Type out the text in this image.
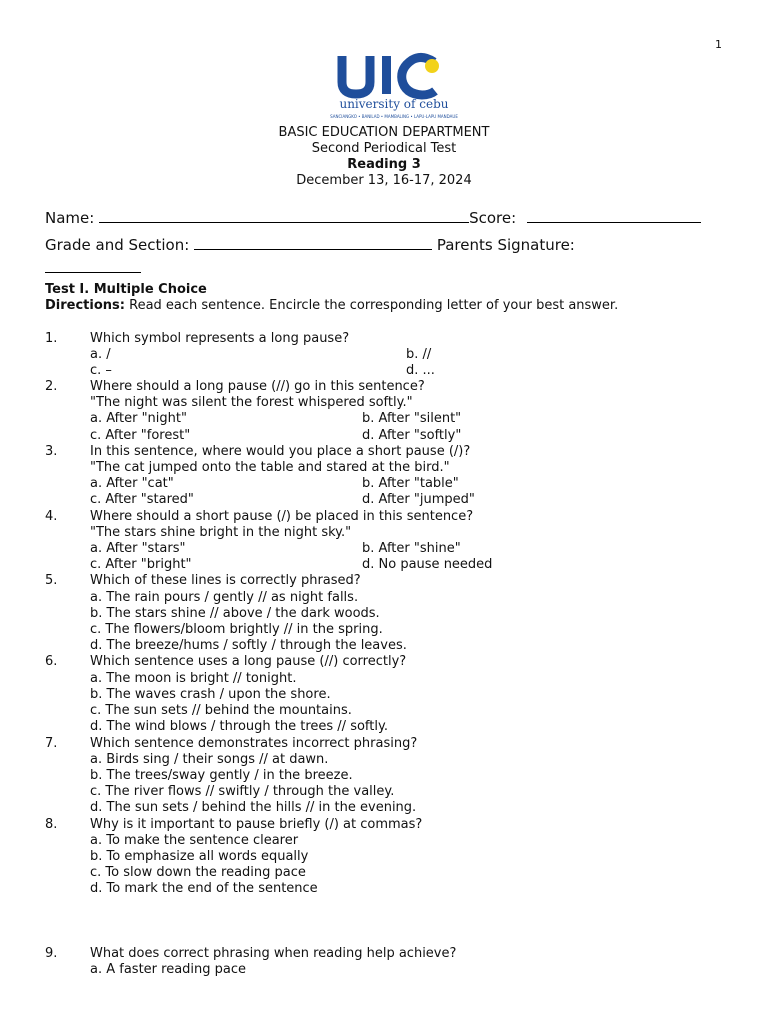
1
university of cebu
SANCIANGKO • BANILAD • MAMBALING • LAPU-LAPU MANDAUE
BASIC EDUCATION DEPARTMENT
Second Periodical Test
Reading 3
December 13, 16-17, 2024
Name:	Score:
Grade and Section:	Parents Signature:
Test I. Multiple Choice
Directions: Read each sentence. Encircle the corresponding letter of your best answer.
1.	Which symbol represents a long pause?
a. /	b. //
c. –	d. ...
2.	Where should a long pause (//) go in this sentence?
"The night was silent the forest whispered softly."
a. After "night"	b. After "silent"
c. After "forest"	d. After "softly"
3.	In this sentence, where would you place a short pause (/)?
"The cat jumped onto the table and stared at the bird."
a. After "cat"	b. After "table"
c. After "stared"	d. After "jumped"
4.	Where should a short pause (/) be placed in this sentence?
"The stars shine bright in the night sky."
a. After "stars"	b. After "shine"
c. After "bright"	d. No pause needed
5.	Which of these lines is correctly phrased?
a. The rain pours / gently // as night falls.
b. The stars shine // above / the dark woods.
c. The flowers/bloom brightly // in the spring.
d. The breeze/hums / softly / through the leaves.
6.	Which sentence uses a long pause (//) correctly?
a. The moon is bright // tonight.
b. The waves crash / upon the shore.
c. The sun sets // behind the mountains.
d. The wind blows / through the trees // softly.
7.	Which sentence demonstrates incorrect phrasing?
a. Birds sing / their songs // at dawn.
b. The trees/sway gently / in the breeze.
c. The river flows // swiftly / through the valley.
d. The sun sets / behind the hills // in the evening.
8.	Why is it important to pause briefly (/) at commas?
a. To make the sentence clearer
b. To emphasize all words equally
c. To slow down the reading pace
d. To mark the end of the sentence
9.	What does correct phrasing when reading help achieve?
a. A faster reading pace
